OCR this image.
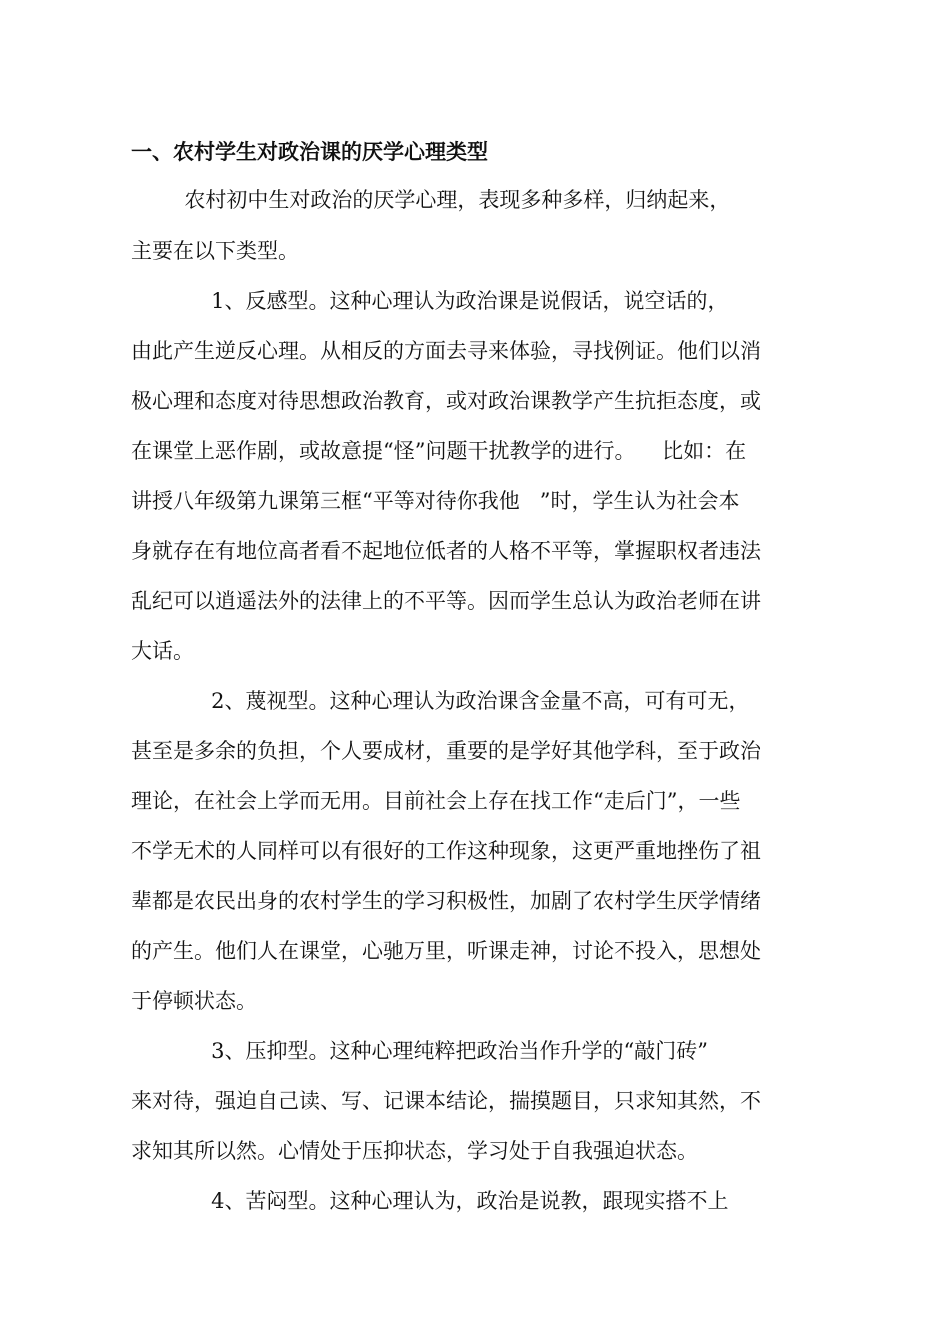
一、农村学生对政治课的厌学心理类型
农村初中生对政治的厌学心理，表现多种多样，归纳起来，
主要在以下类型。
1、反感型。这种心理认为政治课是说假话，说空话的，
由此产生逆反心理。从相反的方面去寻来体验，寻找例证。他们以消
极心理和态度对待思想政治教育，或对政治课教学产生抗拒态度，或
在课堂上恶作剧，或故意提“怪”问题干扰教学的进行。    比如：在
讲授八年级第九课第三框“平等对待你我他   ”时，学生认为社会本
身就存在有地位高者看不起地位低者的人格不平等，掌握职权者违法
乱纪可以逍遥法外的法律上的不平等。因而学生总认为政治老师在讲
大话。
2、蔑视型。这种心理认为政治课含金量不高，可有可无，
甚至是多余的负担，个人要成材，重要的是学好其他学科，至于政治
理论，在社会上学而无用。目前社会上存在找工作“走后门”，一些
不学无术的人同样可以有很好的工作这种现象，这更严重地挫伤了祖
辈都是农民出身的农村学生的学习积极性，加剧了农村学生厌学情绪
的产生。他们人在课堂，心驰万里，听课走神，讨论不投入，思想处
于停顿状态。
3、压抑型。这种心理纯粹把政治当作升学的“敲门砖”
来对待，强迫自己读、写、记课本结论，揣摸题目，只求知其然，不
求知其所以然。心情处于压抑状态，学习处于自我强迫状态。
4、苦闷型。这种心理认为，政治是说教，跟现实搭不上
